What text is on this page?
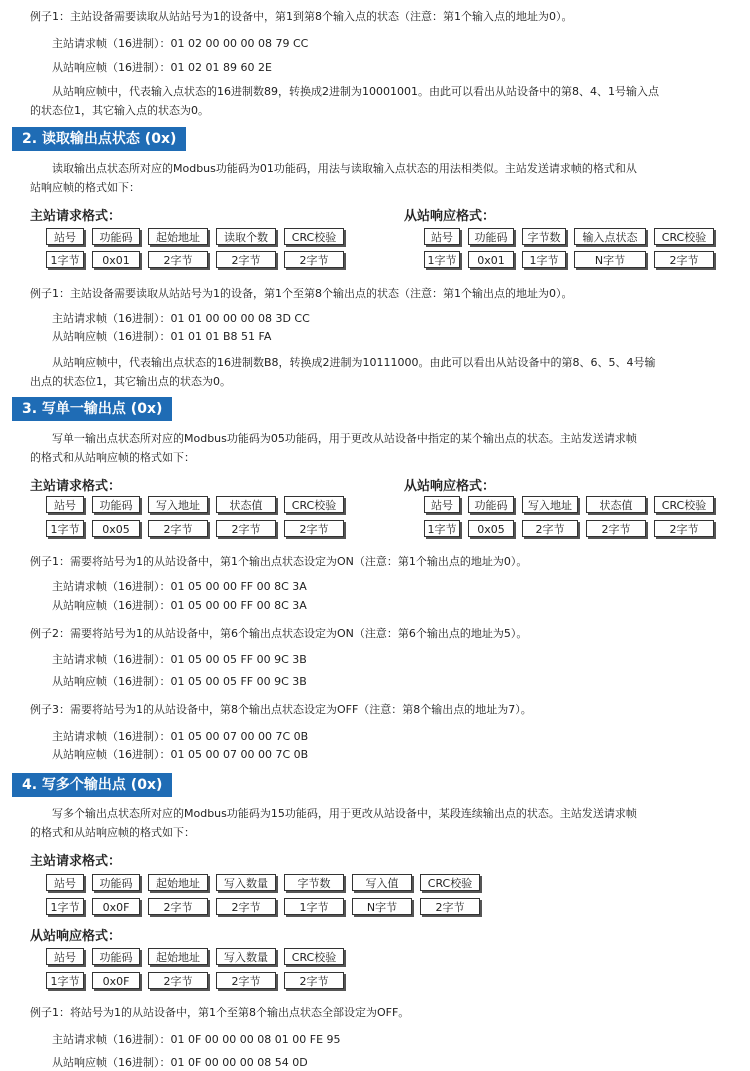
例子1：主站设备需要读取从站站号为1的设备中，第1到第8个输入点的状态（注意：第1个输入点的地址为0）。
主站请求帧（16进制）：01 02 00 00 00 08 79 CC
从站响应帧（16进制）：01 02 01 89 60 2E
从站响应帧中，代表输入点状态的16进制数89，转换成2进制为10001001。由此可以看出从站设备中的第8、4、1号输入点
的状态位1，其它输入点的状态为0。
2. 读取输出点状态 (0x)
读取输出点状态所对应的Modbus功能码为01功能码，用法与读取输入点状态的用法相类似。主站发送请求帧的格式和从
站响应帧的格式如下：
主站请求格式：	从站响应格式：
站号	功能码	起始地址	读取个数	CRC校验
1字节	0x01	2字节	2字节	2字节
站号	功能码	字节数	输入点状态	CRC校验
1字节	0x01	1字节	N字节	2字节
例子1：主站设备需要读取从站站号为1的设备，第1个至第8个输出点的状态（注意：第1个输出点的地址为0）。
主站请求帧（16进制）：01 01 00 00 00 08 3D CC
从站响应帧（16进制）：01 01 01 B8 51 FA
从站响应帧中，代表输出点状态的16进制数B8，转换成2进制为10111000。由此可以看出从站设备中的第8、6、5、4号输
出点的状态位1，其它输出点的状态为0。
3. 写单一输出点 (0x)
写单一输出点状态所对应的Modbus功能码为05功能码，用于更改从站设备中指定的某个输出点的状态。主站发送请求帧
的格式和从站响应帧的格式如下：
主站请求格式：	从站响应格式：
站号	功能码	写入地址	状态值	CRC校验
1字节	0x05	2字节	2字节	2字节
站号	功能码	写入地址	状态值	CRC校验
1字节	0x05	2字节	2字节	2字节
例子1：需要将站号为1的从站设备中，第1个输出点状态设定为ON（注意：第1个输出点的地址为0）。
主站请求帧（16进制）：01 05 00 00 FF 00 8C 3A
从站响应帧（16进制）：01 05 00 00 FF 00 8C 3A
例子2：需要将站号为1的从站设备中，第6个输出点状态设定为ON（注意：第6个输出点的地址为5）。
主站请求帧（16进制）：01 05 00 05 FF 00 9C 3B
从站响应帧（16进制）：01 05 00 05 FF 00 9C 3B
例子3：需要将站号为1的从站设备中，第8个输出点状态设定为OFF（注意：第8个输出点的地址为7）。
主站请求帧（16进制）：01 05 00 07 00 00 7C 0B
从站响应帧（16进制）：01 05 00 07 00 00 7C 0B
4. 写多个输出点 (0x)
写多个输出点状态所对应的Modbus功能码为15功能码，用于更改从站设备中，某段连续输出点的状态。主站发送请求帧
的格式和从站响应帧的格式如下：
主站请求格式：
站号	功能码	起始地址	写入数量	字节数	写入值	CRC校验
1字节	0x0F	2字节	2字节	1字节	N字节	2字节
从站响应格式：
站号	功能码	起始地址	写入数量	CRC校验
1字节	0x0F	2字节	2字节	2字节
例子1：将站号为1的从站设备中，第1个至第8个输出点状态全部设定为OFF。
主站请求帧（16进制）：01 0F 00 00 00 08 01 00 FE 95
从站响应帧（16进制）：01 0F 00 00 00 08 54 0D
